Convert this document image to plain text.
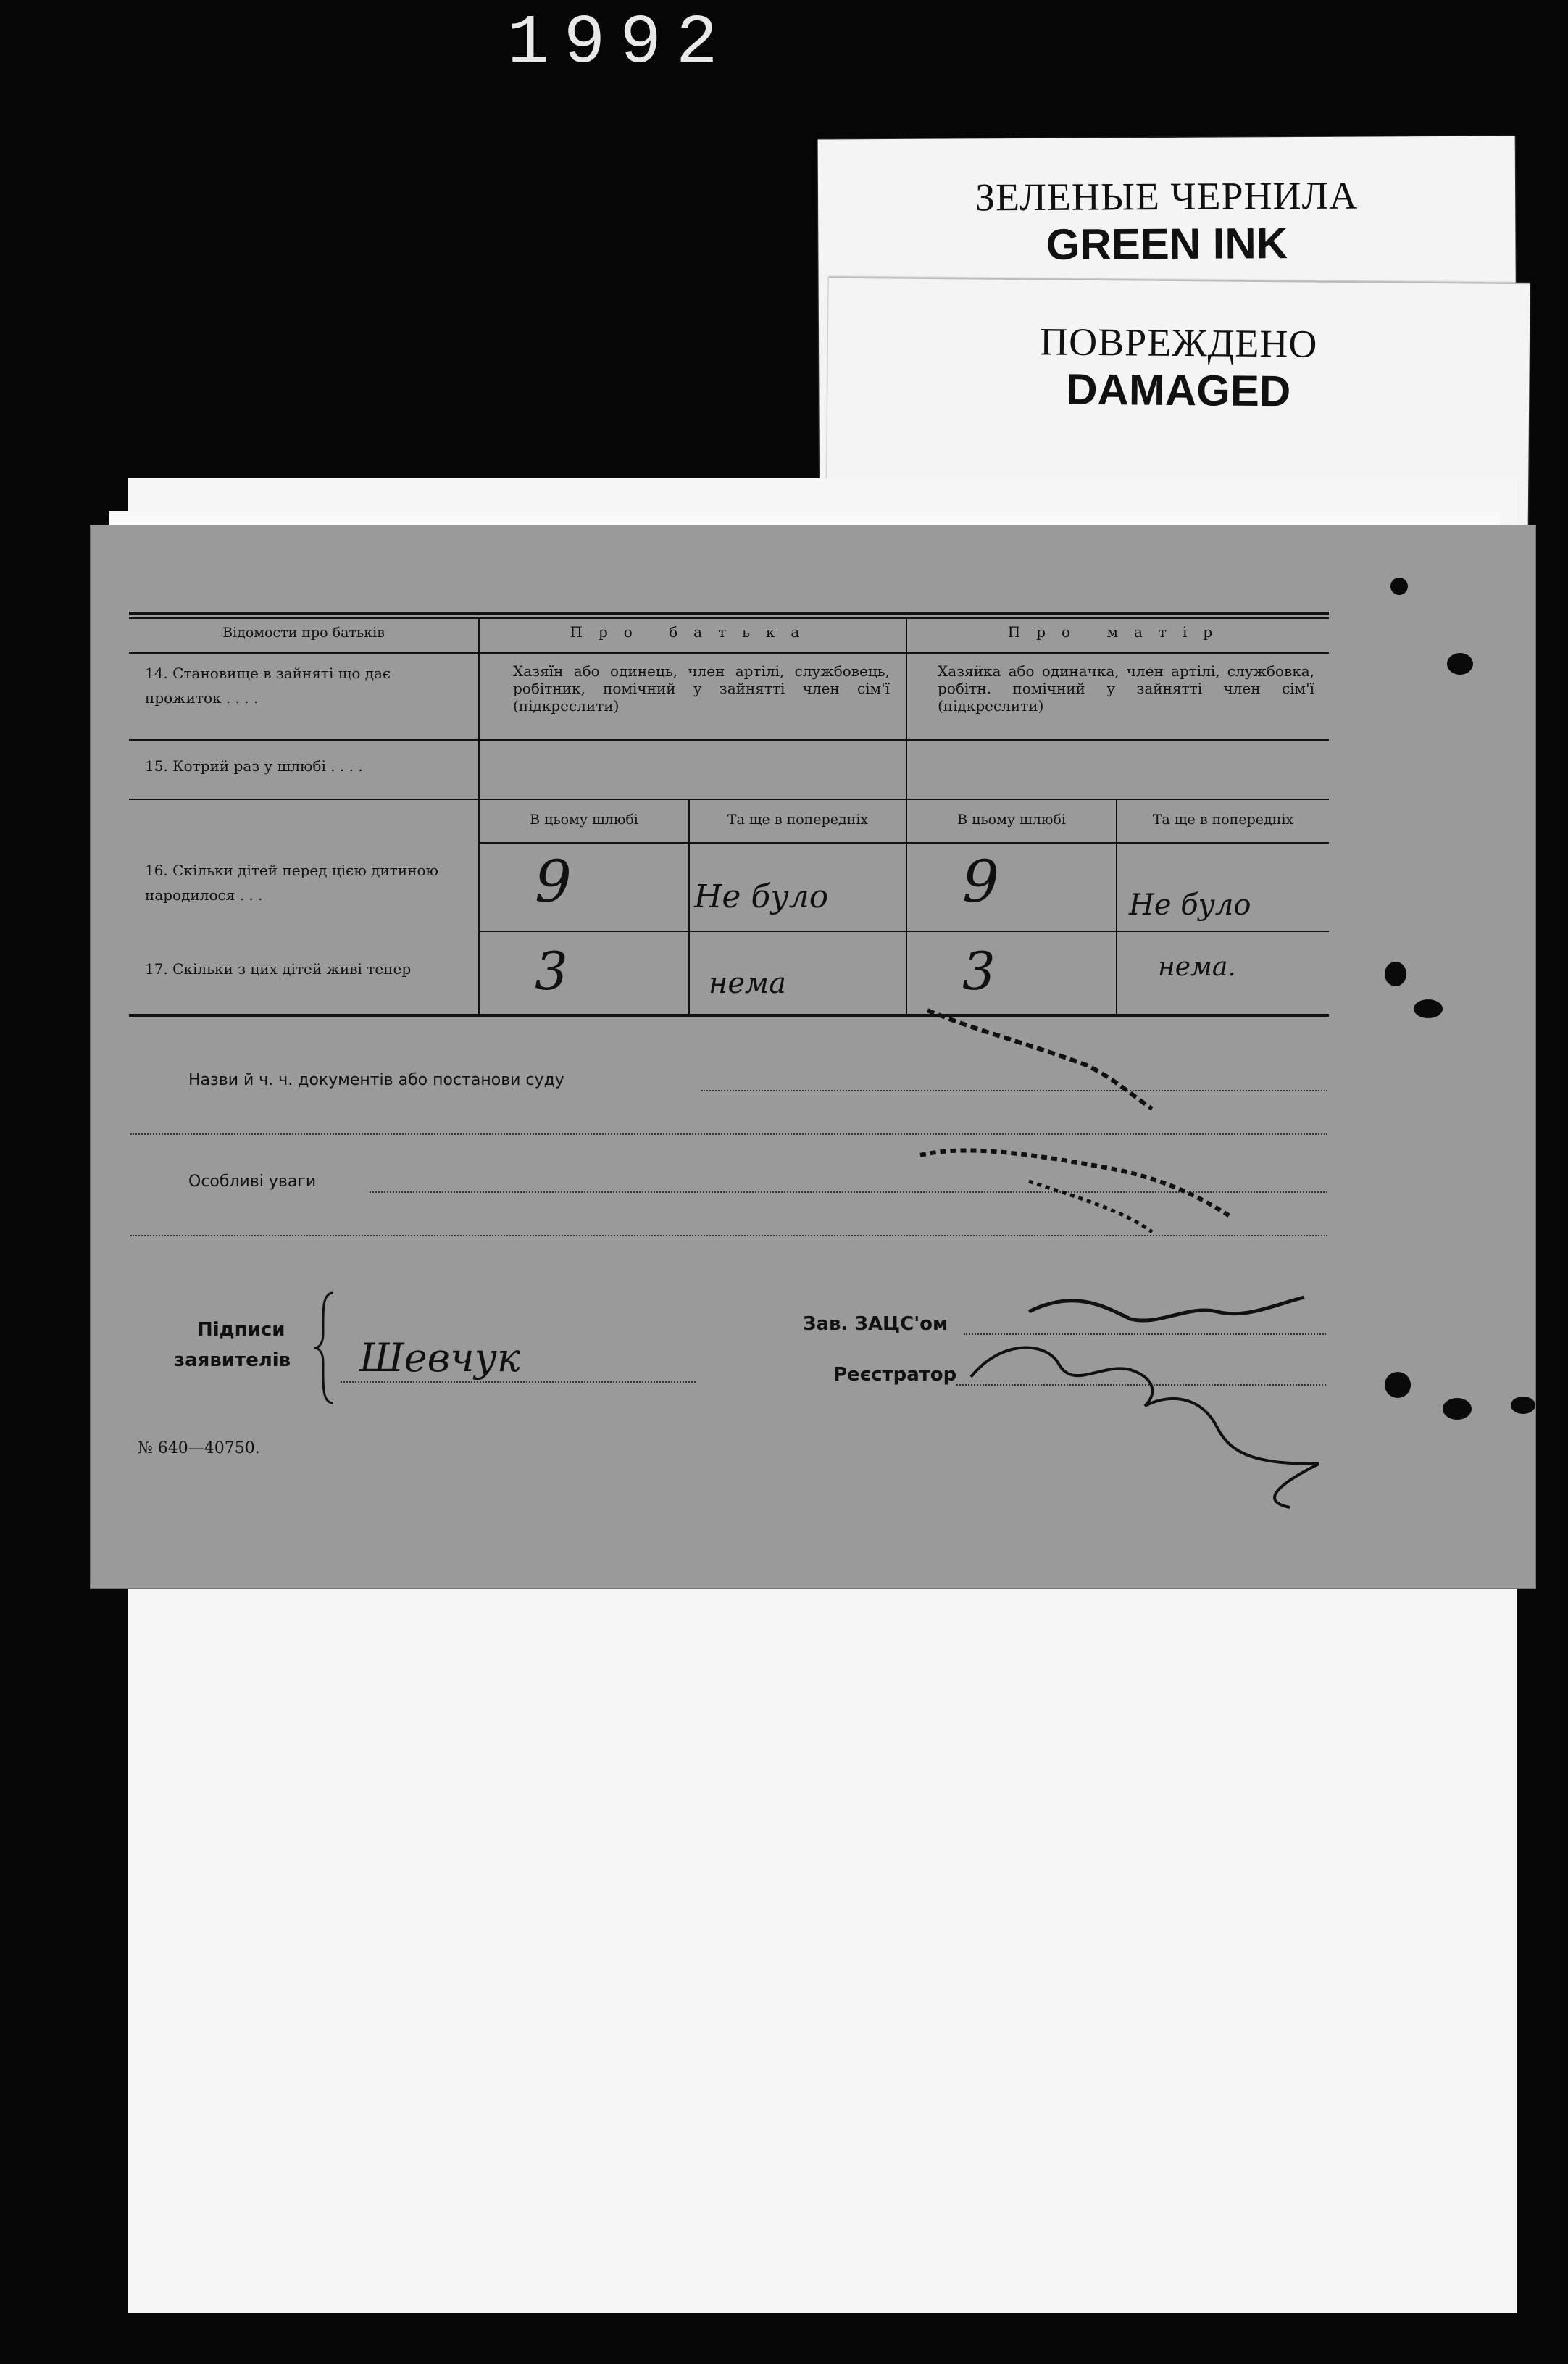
1992
ЗЕЛЕНЫЕ ЧЕРНИЛА
GREEN INK
ПОВРЕЖДЕНО
DAMAGED
Відомости про батьків	Про батька	Про матір
14. Становище в зайняті що дає прожиток . . . .
Хазяїн або одинець, член артілі, службовець, робітник, помічний у зайнятті член сім'ї (підкреслити)
Хазяйка або одиначка, член артілі, службовка, робітн. помічний у зайнятті член сім'ї (підкреслити)
15. Котрий раз у шлюбі . . . .
В цьому шлюбі	Та ще в попередніх	В цьому шлюбі	Та ще в попередніх
16. Скільки дітей перед цією дитиною народилося . . .	9	Не було	9	Не було
17. Скільки з цих дітей живі тепер	3	нема	3	нема.
Назви й ч. ч. документів або постанови суду
Особливі уваги
Підписи
заявителів Шевчук
Зав. ЗАЦС'ом
Реєстратор
№ 640—40750.
